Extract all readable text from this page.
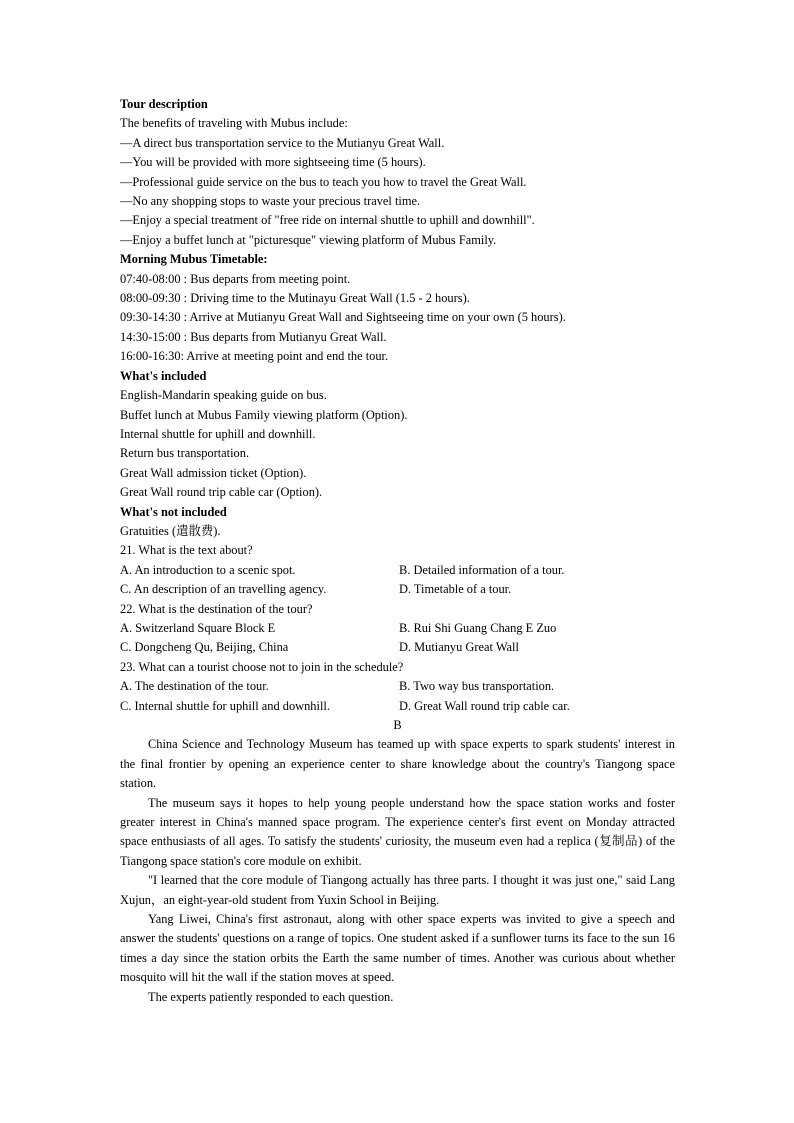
Tour description
The benefits of traveling with Mubus include:
—A direct bus transportation service to the Mutianyu Great Wall.
—You will be provided with more sightseeing time (5 hours).
—Professional guide service on the bus to teach you how to travel the Great Wall.
—No any shopping stops to waste your precious travel time.
—Enjoy a special treatment of "free ride on internal shuttle to uphill and downhill".
—Enjoy a buffet lunch at "picturesque" viewing platform of Mubus Family.
Morning Mubus Timetable:
07:40-08:00 : Bus departs from meeting point.
08:00-09:30 : Driving time to the Mutinayu Great Wall (1.5 - 2 hours).
09:30-14:30 : Arrive at Mutianyu Great Wall and Sightseeing time on your own (5 hours).
14:30-15:00 : Bus departs from Mutianyu Great Wall.
16:00-16:30: Arrive at meeting point and end the tour.
What's included
English-Mandarin speaking guide on bus.
Buffet lunch at Mubus Family viewing platform (Option).
Internal shuttle for uphill and downhill.
Return bus transportation.
Great Wall admission ticket (Option).
Great Wall round trip cable car (Option).
What's not included
Gratuities (遣散费).
21. What is the text about?
A. An introduction to a scenic spot.	B. Detailed information of a tour.
C. An description of an travelling agency.	D. Timetable of a tour.
22. What is the destination of the tour?
A. Switzerland Square Block E	B. Rui Shi Guang Chang E Zuo
C. Dongcheng Qu, Beijing, China	D. Mutianyu Great Wall
23. What can a tourist choose not to join in the schedule?
A. The destination of the tour.	B. Two way bus transportation.
C. Internal shuttle for uphill and downhill.	D. Great Wall round trip cable car.
B
China Science and Technology Museum has teamed up with space experts to spark students' interest in the final frontier by opening an experience center to share knowledge about the country's Tiangong space station.
The museum says it hopes to help young people understand how the space station works and foster greater interest in China's manned space program. The experience center's first event on Monday attracted space enthusiasts of all ages. To satisfy the students' curiosity, the museum even had a replica (复制品) of the Tiangong space station's core module on exhibit.
"I learned that the core module of Tiangong actually has three parts. I thought it was just one," said Lang Xujun，an eight-year-old student from Yuxin School in Beijing.
Yang Liwei, China's first astronaut, along with other space experts was invited to give a speech and answer the students' questions on a range of topics. One student asked if a sunflower turns its face to the sun 16 times a day since the station orbits the Earth the same number of times. Another was curious about whether mosquito will hit the wall if the station moves at speed.
The experts patiently responded to each question.
